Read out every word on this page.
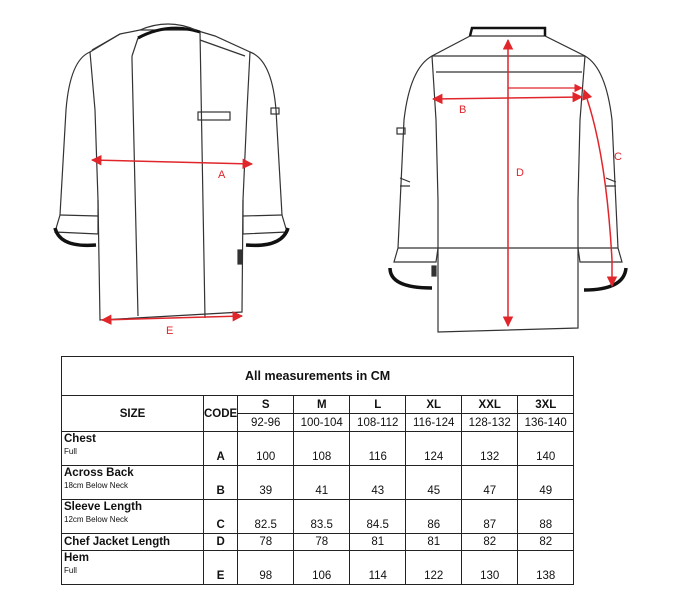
A
E
B
D
C
All measurements in CM							
SIZE	CODE	S	M	L	XL	XXL	3XL
		92-96	100-104	108-112	116-124	128-132	136-140

Chest
Full	A	100	108	116	124	132	140

Across Back
18cm Below Neck	B	39	41	43	45	47	49

Sleeve Length
12cm Below Neck	C	82.5	83.5	84.5	86	87	88

Chef Jacket Length	D	78	78	81	81	82	82

Hem
Full	E	98	106	114	122	130	138
